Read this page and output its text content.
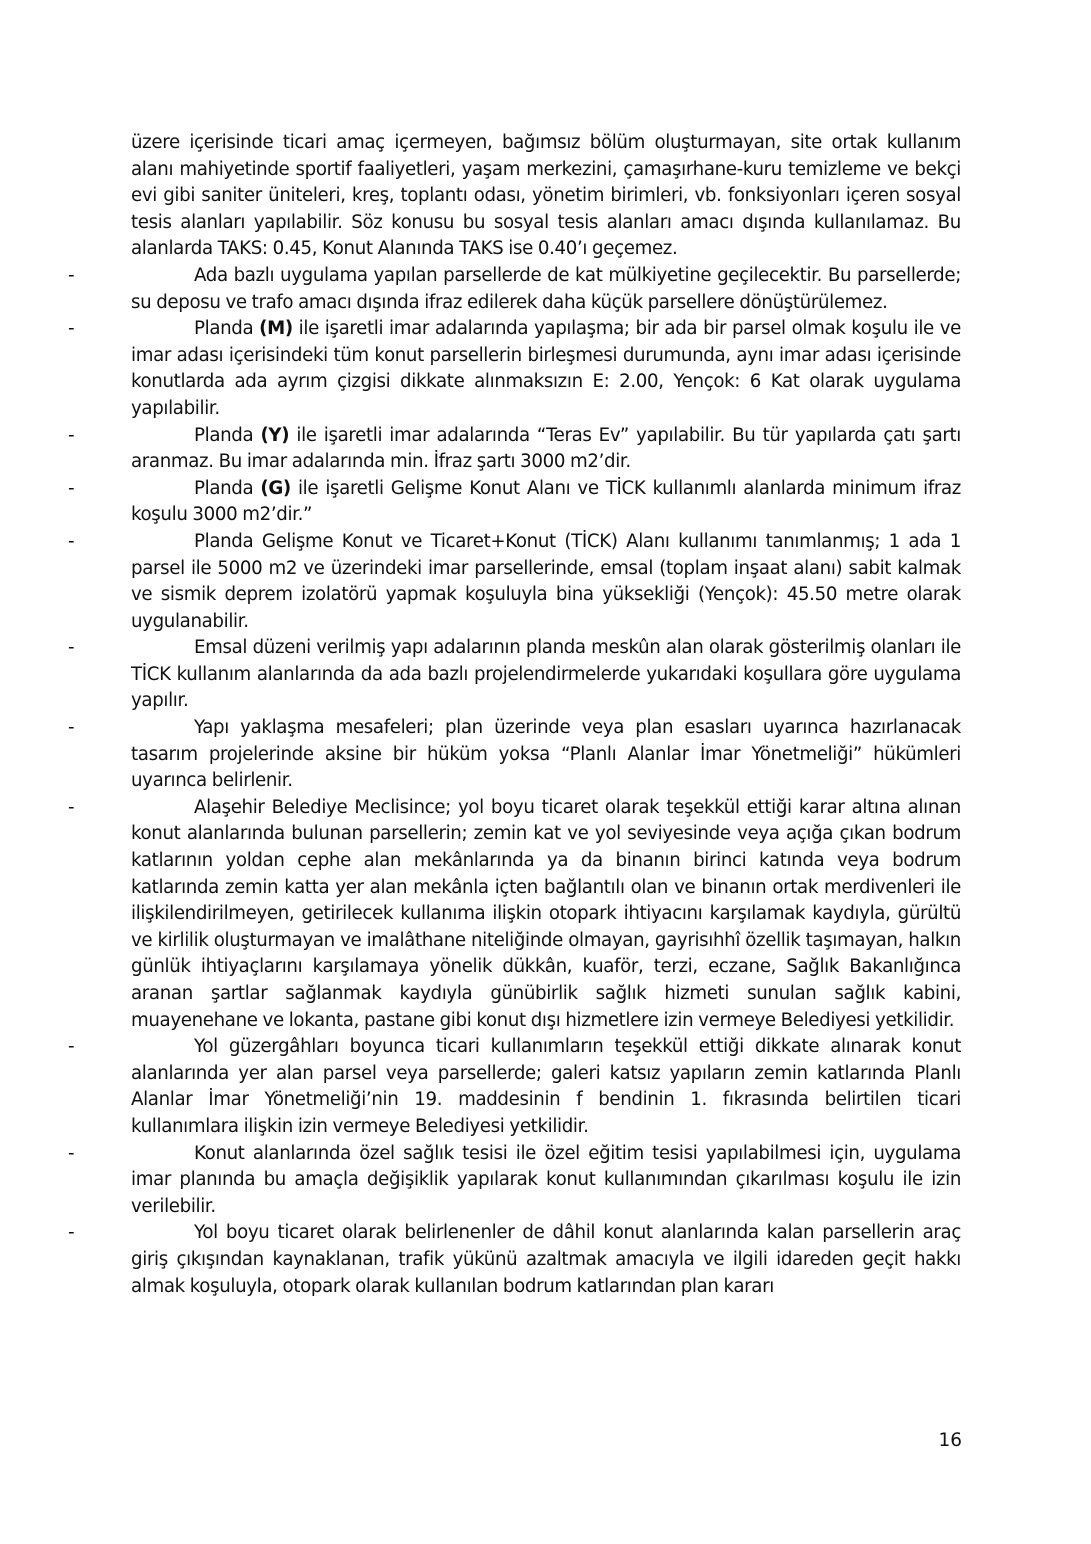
üzere içerisinde ticari amaç içermeyen, bağımsız bölüm oluşturmayan, site ortak kullanım alanı mahiyetinde sportif faaliyetleri, yaşam merkezini, çamaşırhane-kuru temizleme ve bekçi evi gibi saniter üniteleri, kreş, toplantı odası, yönetim birimleri, vb. fonksiyonları içeren sosyal tesis alanları yapılabilir. Söz konusu bu sosyal tesis alanları amacı dışında kullanılamaz. Bu alanlarda TAKS: 0.45, Konut Alanında TAKS ise 0.40’ı geçemez.

-	Ada bazlı uygulama yapılan parsellerde de kat mülkiyetine geçilecektir. Bu parsellerde; su deposu ve trafo amacı dışında ifraz edilerek daha küçük parsellere dönüştürülemez.

-	Planda (M) ile işaretli imar adalarında yapılaşma; bir ada bir parsel olmak koşulu ile ve imar adası içerisindeki tüm konut parsellerin birleşmesi durumunda, aynı imar adası içerisinde konutlarda ada ayrım çizgisi dikkate alınmaksızın E: 2.00, Yençok: 6 Kat olarak uygulama yapılabilir.

-	Planda (Y) ile işaretli imar adalarında “Teras Ev” yapılabilir. Bu tür yapılarda çatı şartı aranmaz. Bu imar adalarında min. İfraz şartı 3000 m2’dir.

-	Planda (G) ile işaretli Gelişme Konut Alanı ve TİCK kullanımlı alanlarda minimum ifraz koşulu 3000 m2’dir.”

-	Planda Gelişme Konut ve Ticaret+Konut (TİCK) Alanı kullanımı tanımlanmış; 1 ada 1 parsel ile 5000 m2 ve üzerindeki imar parsellerinde, emsal (toplam inşaat alanı) sabit kalmak ve sismik deprem izolatörü yapmak koşuluyla bina yüksekliği (Yençok): 45.50 metre olarak uygulanabilir.

-	Emsal düzeni verilmiş yapı adalarının planda meskûn alan olarak gösterilmiş olanları ile TİCK kullanım alanlarında da ada bazlı projelendirmelerde yukarıdaki koşullara göre uygulama yapılır.

-	Yapı yaklaşma mesafeleri; plan üzerinde veya plan esasları uyarınca hazırlanacak tasarım projelerinde aksine bir hüküm yoksa “Planlı Alanlar İmar Yönetmeliği” hükümleri uyarınca belirlenir.

-	Alaşehir Belediye Meclisince; yol boyu ticaret olarak teşekkül ettiği karar altına alınan konut alanlarında bulunan parsellerin; zemin kat ve yol seviyesinde veya açığa çıkan bodrum katlarının yoldan cephe alan mekânlarında ya da binanın birinci katında veya bodrum katlarında zemin katta yer alan mekânla içten bağlantılı olan ve binanın ortak merdivenleri ile ilişkilendirilmeyen, getirilecek kullanıma ilişkin otopark ihtiyacını karşılamak kaydıyla, gürültü ve kirlilik oluşturmayan ve imalâthane niteliğinde olmayan, gayrisıhhî özellik taşımayan, halkın günlük ihtiyaçlarını karşılamaya yönelik dükkân, kuaför, terzi, eczane, Sağlık Bakanlığınca aranan şartlar sağlanmak kaydıyla günübirlik sağlık hizmeti sunulan sağlık kabini, muayenehane ve lokanta, pastane gibi konut dışı hizmetlere izin vermeye Belediyesi yetkilidir.

-	Yol güzergâhları boyunca ticari kullanımların teşekkül ettiği dikkate alınarak konut alanlarında yer alan parsel veya parsellerde; galeri katsız yapıların zemin katlarında Planlı Alanlar İmar Yönetmeliği’nin 19. maddesinin f bendinin 1. fıkrasında belirtilen ticari kullanımlara ilişkin izin vermeye Belediyesi yetkilidir.

-	Konut alanlarında özel sağlık tesisi ile özel eğitim tesisi yapılabilmesi için, uygulama imar planında bu amaçla değişiklik yapılarak konut kullanımından çıkarılması koşulu ile izin verilebilir.

-	Yol boyu ticaret olarak belirlenenler de dâhil konut alanlarında kalan parsellerin araç giriş çıkışından kaynaklanan, trafik yükünü azaltmak amacıyla ve ilgili idareden geçit hakkı almak koşuluyla, otopark olarak kullanılan bodrum katlarından plan kararı

16
